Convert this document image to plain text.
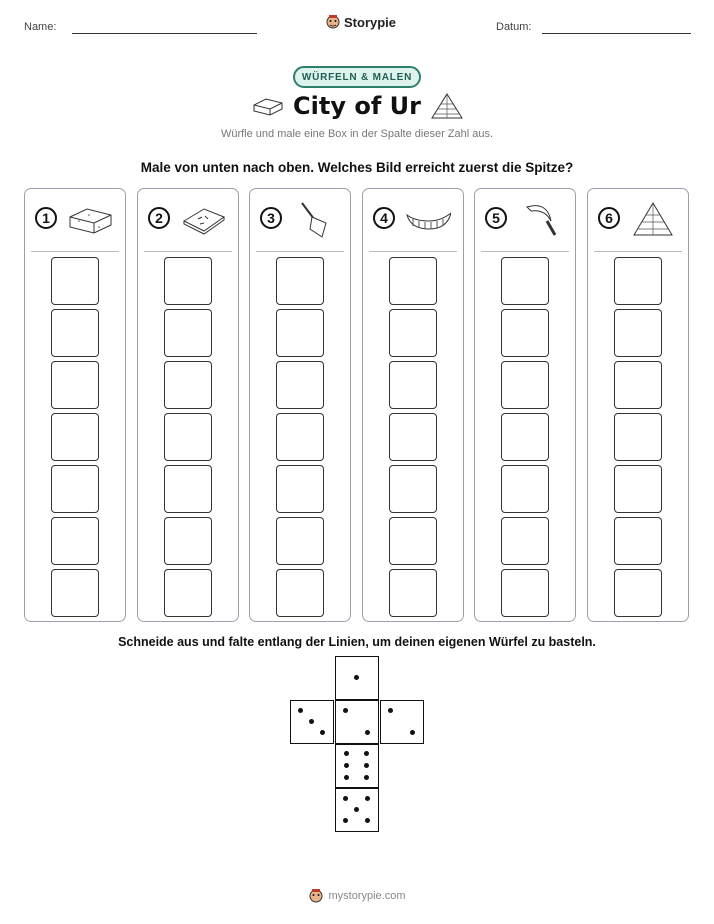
Name:	Storypie	Datum:
WÜRFELN & MALEN
City of Ur
Würfle und male eine Box in der Spalte dieser Zahl aus.
Male von unten nach oben. Welches Bild erreicht zuerst die Spitze?
1	2	3	4	5	6
Schneide aus und falte entlang der Linien, um deinen eigenen Würfel zu basteln.
mystorypie.com
